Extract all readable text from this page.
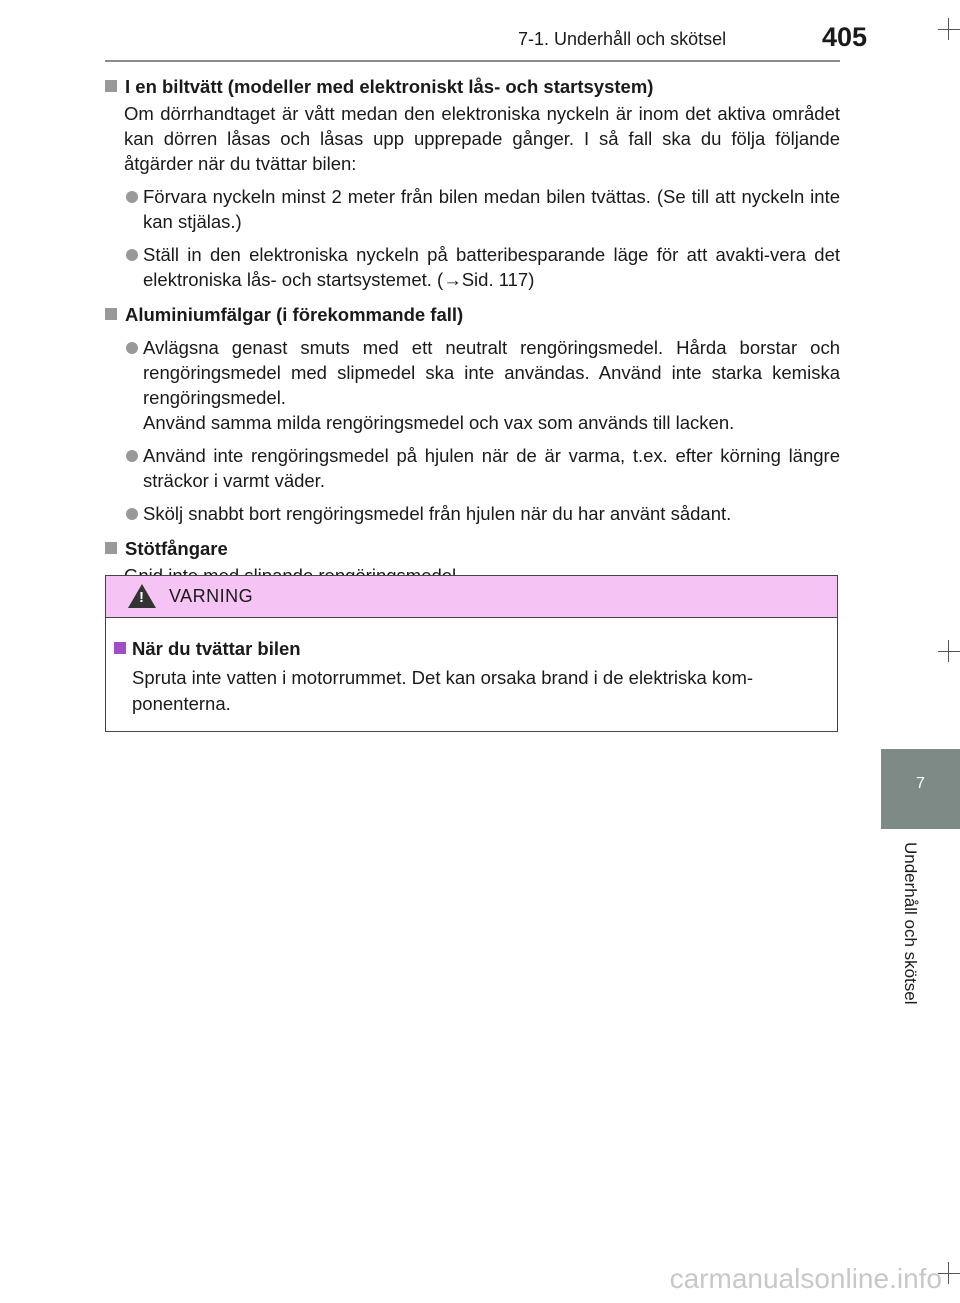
7-1. Underhåll och skötsel	405
7
Underhåll och skötsel
I en biltvätt (modeller med elektroniskt lås- och startsystem)
Om dörrhandtaget är vått medan den elektroniska nyckeln är inom det aktiva området kan dörren låsas och låsas upp upprepade gånger. I så fall ska du följa följande åtgärder när du tvättar bilen:
Förvara nyckeln minst 2 meter från bilen medan bilen tvättas. (Se till att nyckeln inte kan stjälas.)
Ställ in den elektroniska nyckeln på batteribesparande läge för att avakti-vera det elektroniska lås- och startsystemet. (→Sid. 117)
Aluminiumfälgar (i förekommande fall)
Avlägsna genast smuts med ett neutralt rengöringsmedel. Hårda borstar och rengöringsmedel med slipmedel ska inte användas. Använd inte starka kemiska rengöringsmedel.
Använd samma milda rengöringsmedel och vax som används till lacken.
Använd inte rengöringsmedel på hjulen när de är varma, t.ex. efter körning längre sträckor i varmt väder.
Skölj snabbt bort rengöringsmedel från hjulen när du har använt sådant.
Stötfångare
!
VARNING
När du tvättar bilen
Spruta inte vatten i motorrummet. Det kan orsaka brand i de elektriska kom-ponenterna.
carmanualsonline.info
